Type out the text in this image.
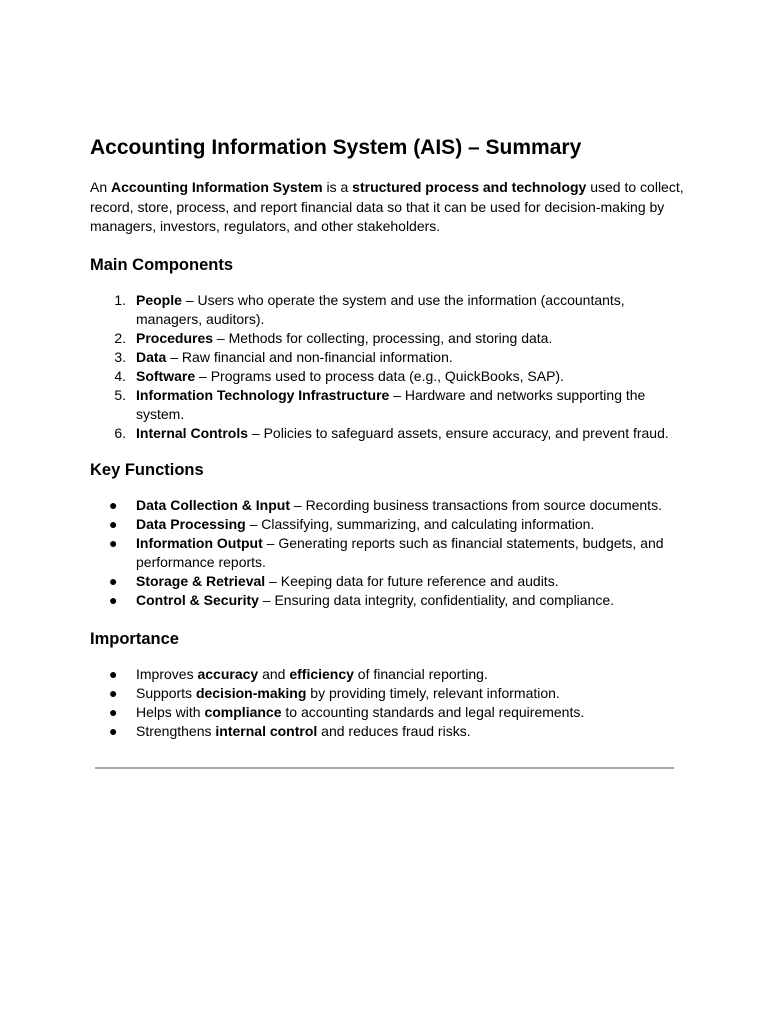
Accounting Information System (AIS) – Summary

An Accounting Information System is a structured process and technology used to collect, record, store, process, and report financial data so that it can be used for decision-making by managers, investors, regulators, and other stakeholders.

Main Components
1. People – Users who operate the system and use the information (accountants, managers, auditors).
2. Procedures – Methods for collecting, processing, and storing data.
3. Data – Raw financial and non-financial information.
4. Software – Programs used to process data (e.g., QuickBooks, SAP).
5. Information Technology Infrastructure – Hardware and networks supporting the system.
6. Internal Controls – Policies to safeguard assets, ensure accuracy, and prevent fraud.
Key Functions
● Data Collection & Input – Recording business transactions from source documents.
● Data Processing – Classifying, summarizing, and calculating information.
● Information Output – Generating reports such as financial statements, budgets, and performance reports.
● Storage & Retrieval – Keeping data for future reference and audits.
● Control & Security – Ensuring data integrity, confidentiality, and compliance.
Importance
● Improves accuracy and efficiency of financial reporting.
● Supports decision-making by providing timely, relevant information.
● Helps with compliance to accounting standards and legal requirements.
● Strengthens internal control and reduces fraud risks.
